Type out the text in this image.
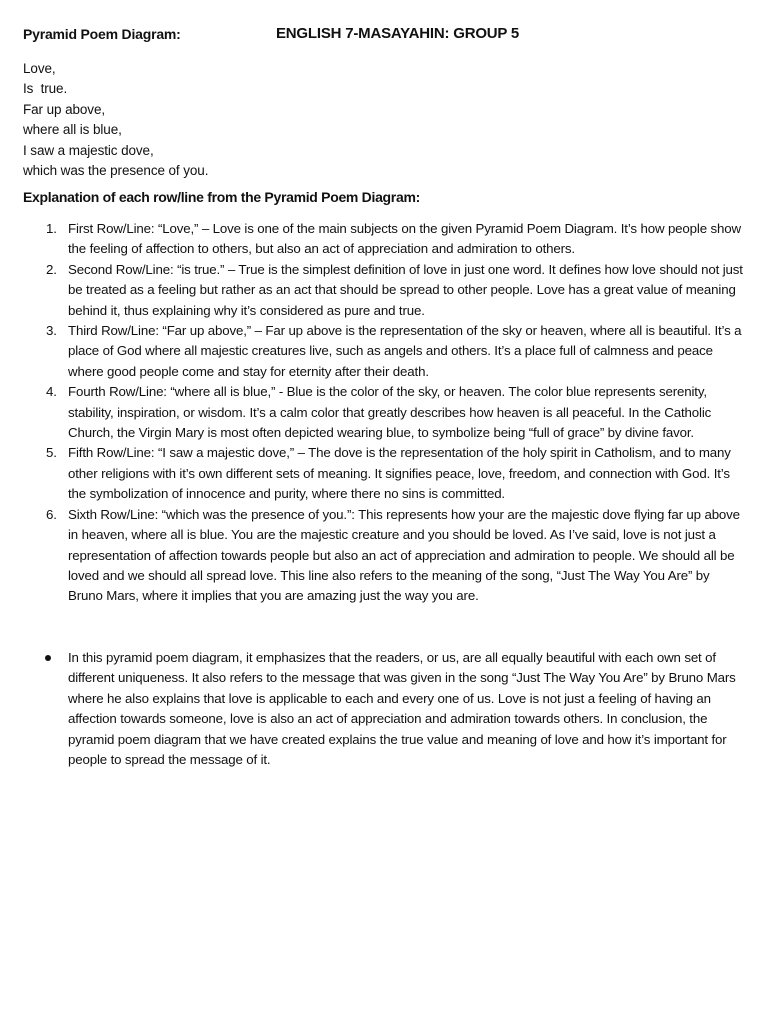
Pyramid Poem Diagram:	ENGLISH 7-MASAYAHIN: GROUP 5
Love,
Is  true.
Far up above,
where all is blue,
I saw a majestic dove,
which was the presence of you.
Explanation of each row/line from the Pyramid Poem Diagram:
1. First Row/Line: “Love,” – Love is one of the main subjects on the given Pyramid Poem Diagram. It’s how people show the feeling of affection to others, but also an act of appreciation and admiration to others.
2. Second Row/Line: “is true.” – True is the simplest definition of love in just one word. It defines how love should not just be treated as a feeling but rather as an act that should be spread to other people. Love has a great value of meaning behind it, thus explaining why it’s considered as pure and true.
3. Third Row/Line: “Far up above,” – Far up above is the representation of the sky or heaven, where all is beautiful. It’s a place of God where all majestic creatures live, such as angels and others. It’s a place full of calmness and peace where good people come and stay for eternity after their death.
4. Fourth Row/Line: “where all is blue,” - Blue is the color of the sky, or heaven. The color blue represents serenity, stability, inspiration, or wisdom. It’s a calm color that greatly describes how heaven is all peaceful. In the Catholic Church, the Virgin Mary is most often depicted wearing blue, to symbolize being “full of grace” by divine favor.
5. Fifth Row/Line: “I saw a majestic dove,” – The dove is the representation of the holy spirit in Catholism, and to many other religions with it’s own different sets of meaning. It signifies peace, love, freedom, and connection with God. It’s the symbolization of innocence and purity, where there no sins is committed.
6. Sixth Row/Line: “which was the presence of you.”: This represents how your are the majestic dove flying far up above in heaven, where all is blue. You are the majestic creature and you should be loved. As I’ve said, love is not just a representation of affection towards people but also an act of appreciation and admiration to people. We should all be loved and we should all spread love. This line also refers to the meaning of the song, “Just The Way You Are” by Bruno Mars, where it implies that you are amazing just the way you are.
In this pyramid poem diagram, it emphasizes that the readers, or us, are all equally beautiful with each own set of different uniqueness. It also refers to the message that was given in the song “Just The Way You Are” by Bruno Mars where he also explains that love is applicable to each and every one of us. Love is not just a feeling of having an affection towards someone, love is also an act of appreciation and admiration towards others. In conclusion, the pyramid poem diagram that we have created explains the true value and meaning of love and how it’s important for people to spread the message of it.
